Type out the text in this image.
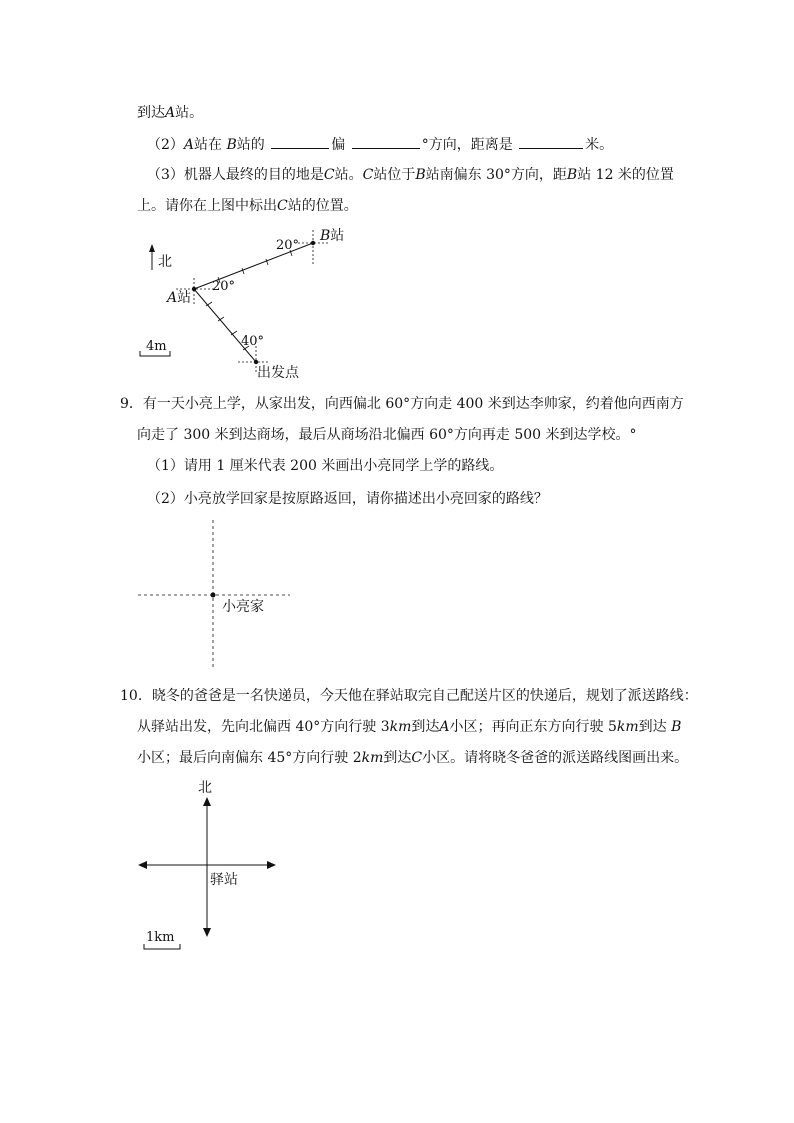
到达A站。
（2）A站在 B站的	偏	°方向，距离是	米。
（3）机器人最终的目的地是C站。C站位于B站南偏东 30°方向，距B站 12 米的位置
上。请你在上图中标出C站的位置。
北
20°
20°
40°
B站
A站
出发点
4m
9．有一天小亮上学，从家出发，向西偏北 60°方向走 400 米到达李帅家，约着他向西南方
向走了 300 米到达商场，最后从商场沿北偏西 60°方向再走 500 米到达学校。°
（1）请用 1 厘米代表 200 米画出小亮同学上学的路线。
（2）小亮放学回家是按原路返回，请你描述出小亮回家的路线？
小亮家
10．晓冬的爸爸是一名快递员，今天他在驿站取完自己配送片区的快递后，规划了派送路线：
从驿站出发，先向北偏西 40°方向行驶 3km到达A小区；再向正东方向行驶 5km到达 B
小区；最后向南偏东 45°方向行驶 2km到达C小区。请将晓冬爸爸的派送路线图画出来。
北
驿站
1km
